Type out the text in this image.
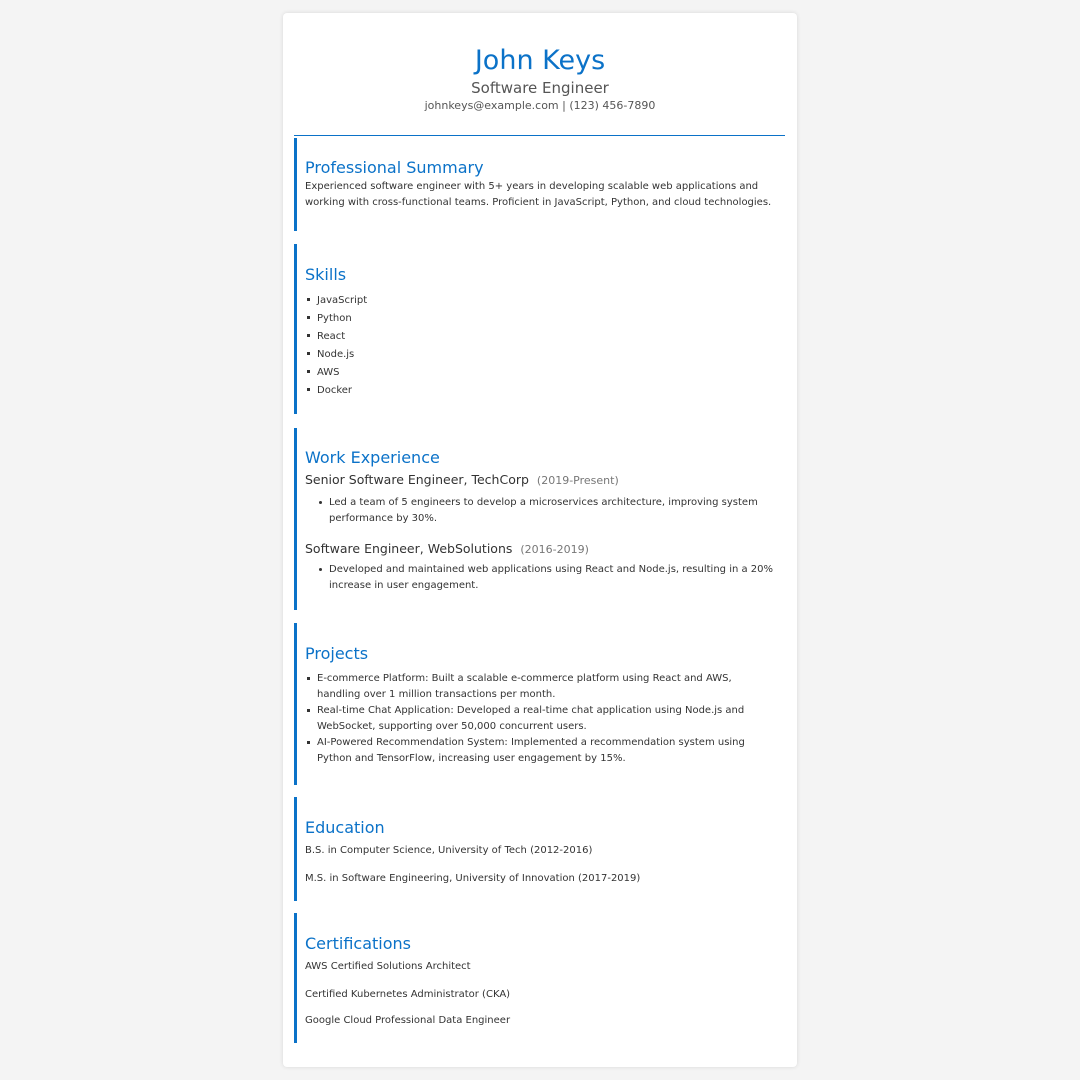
John Keys
Software Engineer
johnkeys@example.com | (123) 456-7890
Professional Summary
Experienced software engineer with 5+ years in developing scalable web applications and working with cross-functional teams. Proficient in JavaScript, Python, and cloud technologies.
Skills
JavaScript
Python
React
Node.js
AWS
Docker
Work Experience
Senior Software Engineer, TechCorp (2019-Present)
Led a team of 5 engineers to develop a microservices architecture, improving system performance by 30%.
Software Engineer, WebSolutions (2016-2019)
Developed and maintained web applications using React and Node.js, resulting in a 20% increase in user engagement.
Projects
E-commerce Platform: Built a scalable e-commerce platform using React and AWS, handling over 1 million transactions per month.
Real-time Chat Application: Developed a real-time chat application using Node.js and WebSocket, supporting over 50,000 concurrent users.
AI-Powered Recommendation System: Implemented a recommendation system using Python and TensorFlow, increasing user engagement by 15%.
Education
B.S. in Computer Science, University of Tech (2012-2016)
M.S. in Software Engineering, University of Innovation (2017-2019)
Certifications
AWS Certified Solutions Architect
Certified Kubernetes Administrator (CKA)
Google Cloud Professional Data Engineer
